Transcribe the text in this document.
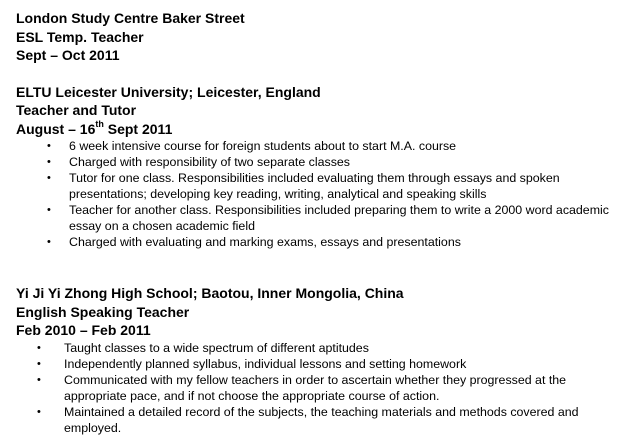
London Study Centre Baker Street
ESL Temp. Teacher
Sept – Oct 2011
ELTU Leicester University; Leicester, England
Teacher and Tutor
August – 16th Sept 2011
• 6 week intensive course for foreign students about to start M.A. course
• Charged with responsibility of two separate classes
• Tutor for one class. Responsibilities included evaluating them through essays and spoken presentations; developing key reading, writing, analytical and speaking skills
• Teacher for another class. Responsibilities included preparing them to write a 2000 word academic essay on a chosen academic field
• Charged with evaluating and marking exams, essays and presentations
Yi Ji Yi Zhong High School; Baotou, Inner Mongolia, China
English Speaking Teacher
Feb 2010 – Feb 2011
• Taught classes to a wide spectrum of different aptitudes
• Independently planned syllabus, individual lessons and setting homework
• Communicated with my fellow teachers in order to ascertain whether they progressed at the appropriate pace, and if not choose the appropriate course of action.
• Maintained a detailed record of the subjects, the teaching materials and methods covered and employed.
